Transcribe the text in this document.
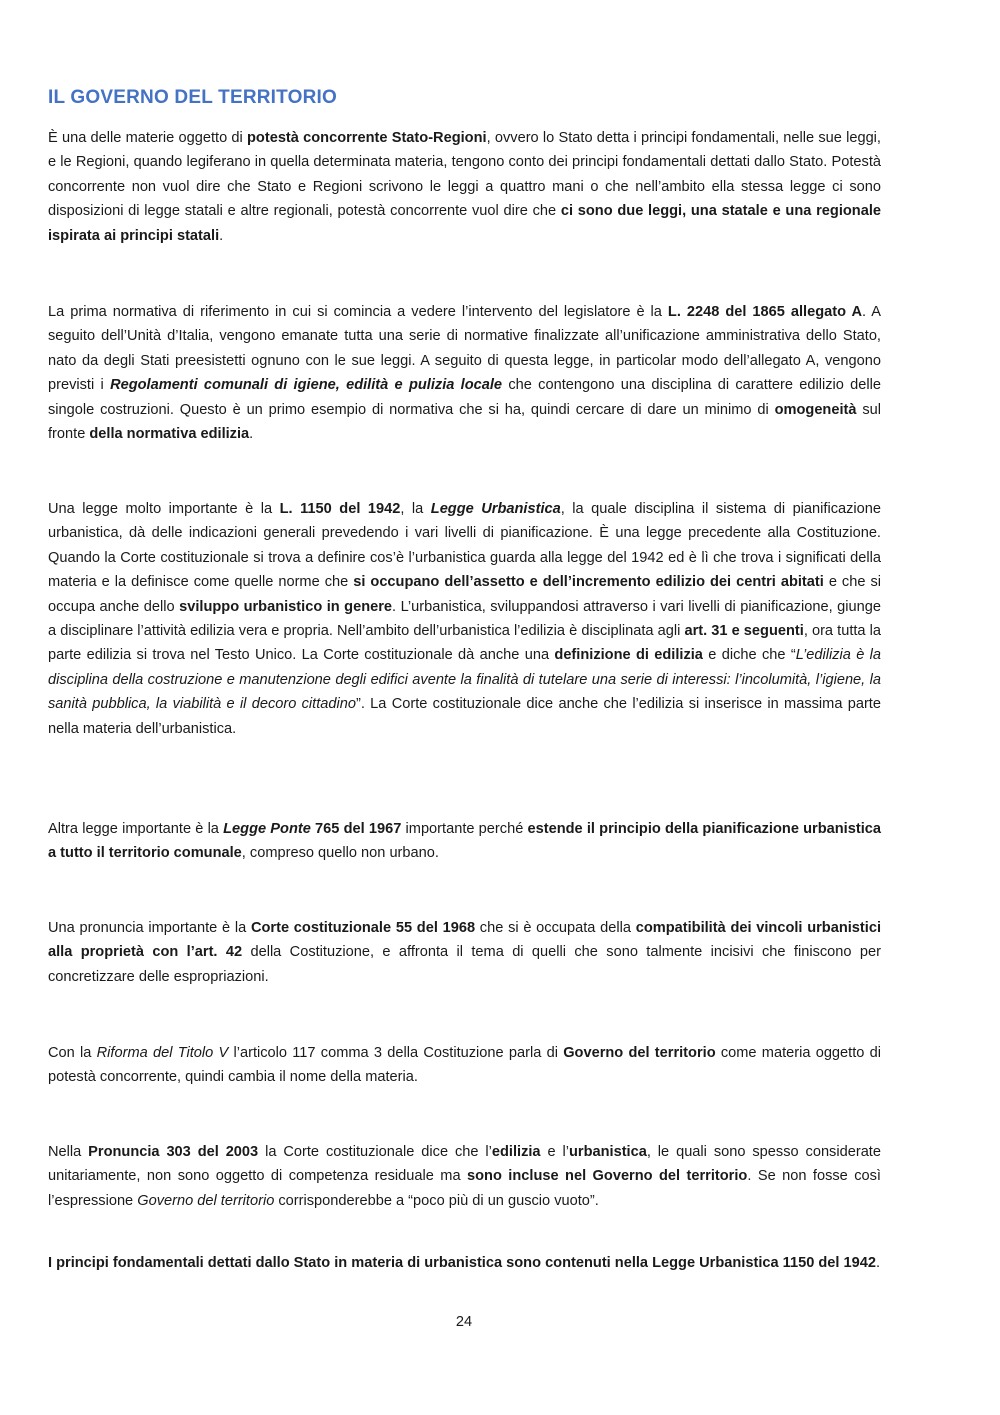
IL GOVERNO DEL TERRITORIO

È una delle materie oggetto di potestà concorrente Stato-Regioni, ovvero lo Stato detta i principi fondamentali, nelle sue leggi, e le Regioni, quando legiferano in quella determinata materia, tengono conto dei principi fondamentali dettati dallo Stato. Potestà concorrente non vuol dire che Stato e Regioni scrivono le leggi a quattro mani o che nell’ambito ella stessa legge ci sono disposizioni di legge statali e altre regionali, potestà concorrente vuol dire che ci sono due leggi, una statale e una regionale ispirata ai principi statali.

La prima normativa di riferimento in cui si comincia a vedere l’intervento del legislatore è la L. 2248 del 1865 allegato A. A seguito dell’Unità d’Italia, vengono emanate tutta una serie di normative finalizzate all’unificazione amministrativa dello Stato, nato da degli Stati preesistetti ognuno con le sue leggi. A seguito di questa legge, in particolar modo dell’allegato A, vengono previsti i Regolamenti comunali di igiene, edilità e pulizia locale che contengono una disciplina di carattere edilizio delle singole costruzioni. Questo è un primo esempio di normativa che si ha, quindi cercare di dare un minimo di omogeneità sul fronte della normativa edilizia.

Una legge molto importante è la L. 1150 del 1942, la Legge Urbanistica, la quale disciplina il sistema di pianificazione urbanistica, dà delle indicazioni generali prevedendo i vari livelli di pianificazione. È una legge precedente alla Costituzione. Quando la Corte costituzionale si trova a definire cos’è l’urbanistica guarda alla legge del 1942 ed è lì che trova i significati della materia e la definisce come quelle norme che si occupano dell’assetto e dell’incremento edilizio dei centri abitati e che si occupa anche dello sviluppo urbanistico in genere. L’urbanistica, sviluppandosi attraverso i vari livelli di pianificazione, giunge a disciplinare l’attività edilizia vera e propria. Nell’ambito dell’urbanistica l’edilizia è disciplinata agli art. 31 e seguenti, ora tutta la parte edilizia si trova nel Testo Unico. La Corte costituzionale dà anche una definizione di edilizia e diche che “L’edilizia è la disciplina della costruzione e manutenzione degli edifici avente la finalità di tutelare una serie di interessi: l’incolumità, l’igiene, la sanità pubblica, la viabilità e il decoro cittadino”. La Corte costituzionale dice anche che l’edilizia si inserisce in massima parte nella materia dell’urbanistica.

Altra legge importante è la Legge Ponte 765 del 1967 importante perché estende il principio della pianificazione urbanistica a tutto il territorio comunale, compreso quello non urbano.

Una pronuncia importante è la Corte costituzionale 55 del 1968 che si è occupata della compatibilità dei vincoli urbanistici alla proprietà con l’art. 42 della Costituzione, e affronta il tema di quelli che sono talmente incisivi che finiscono per concretizzare delle espropriazioni.

Con la Riforma del Titolo V l’articolo 117 comma 3 della Costituzione parla di Governo del territorio come materia oggetto di potestà concorrente, quindi cambia il nome della materia.

Nella Pronuncia 303 del 2003 la Corte costituzionale dice che l’edilizia e l’urbanistica, le quali sono spesso considerate unitariamente, non sono oggetto di competenza residuale ma sono incluse nel Governo del territorio. Se non fosse così l’espressione Governo del territorio corrisponderebbe a “poco più di un guscio vuoto”.

I principi fondamentali dettati dallo Stato in materia di urbanistica sono contenuti nella Legge Urbanistica 1150 del 1942.

24
